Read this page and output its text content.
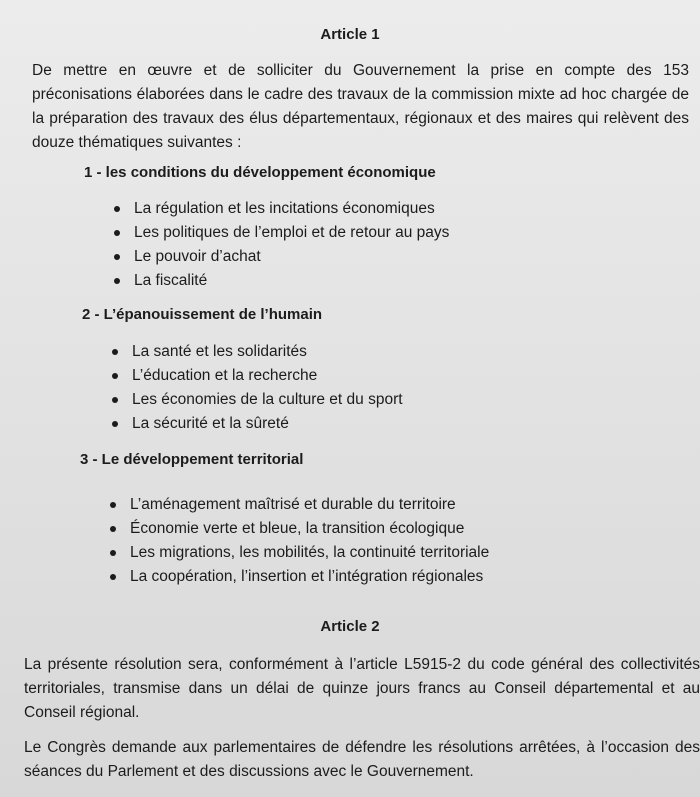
Article 1

De mettre en œuvre et de solliciter du Gouvernement la prise en compte des 153 préconisations élaborées dans le cadre des travaux de la commission mixte ad hoc chargée de la préparation des travaux des élus départementaux, régionaux et des maires qui relèvent des douze thématiques suivantes :

1 - les conditions du développement économique
La régulation et les incitations économiques
Les politiques de l’emploi et de retour au pays
Le pouvoir d’achat
La fiscalité
2 - L’épanouissement de l’humain
La santé et les solidarités
L’éducation et la recherche
Les économies de la culture et du sport
La sécurité et la sûreté
3 - Le développement territorial
L’aménagement maîtrisé et durable du territoire
Économie verte et bleue, la transition écologique
Les migrations, les mobilités, la continuité territoriale
La coopération, l’insertion et l’intégration régionales
Article 2

La présente résolution sera, conformément à l’article L5915-2 du code général des collectivités territoriales, transmise dans un délai de quinze jours francs au Conseil départemental et au Conseil régional.

Le Congrès demande aux parlementaires de défendre les résolutions arrêtées, à l’occasion des séances du Parlement et des discussions avec le Gouvernement.
